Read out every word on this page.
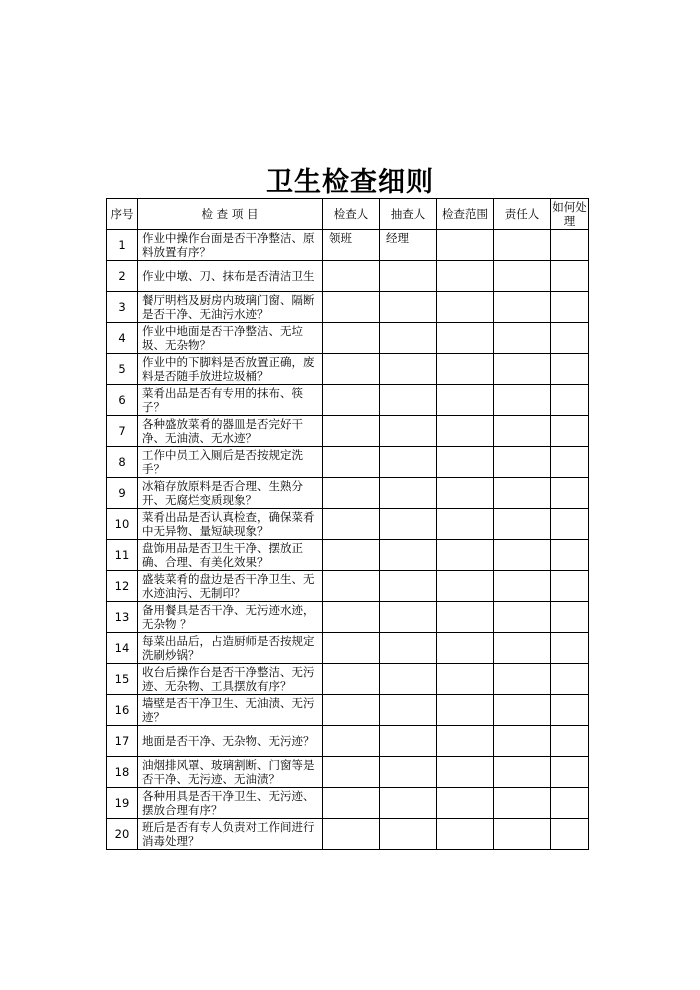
卫生检查细则
序号	检 查 项 目	检查人	抽查人	检查范围	责任人	如何处理
1	作业中操作台面是否干净整洁、原料放置有序？	领班	经理			
2	作业中墩、刀、抹布是否清洁卫生					
3	餐厅明档及厨房内玻璃门窗、隔断是否干净、无油污水迹？					
4	作业中地面是否干净整洁、无垃圾、无杂物？					
5	作业中的下脚料是否放置正确，废料是否随手放进垃圾桶？					
6	菜肴出品是否有专用的抹布、筷子？					
7	各种盛放菜肴的器皿是否完好干净、无油渍、无水迹？					
8	工作中员工入厕后是否按规定洗手？					
9	冰箱存放原料是否合理、生熟分开、无腐烂变质现象？					
10	菜肴出品是否认真检查，确保菜肴中无异物、量短缺现象？					
11	盘饰用品是否卫生干净、摆放正确、合理、有美化效果？					
12	盛装菜肴的盘边是否干净卫生、无水迹油污、无制印？					
13	备用餐具是否干净、无污迹水迹，无杂物 ？					
14	每菜出品后，占造厨师是否按规定洗刷炒锅？					
15	收台后操作台是否干净整洁、无污迹、无杂物、工具摆放有序？					
16	墙壁是否干净卫生、无油渍、无污迹？					
17	地面是否干净、无杂物、无污迹？					
18	油烟排风罩、玻璃割断、门窗等是否干净、无污迹、无油渍？					
19	各种用具是否干净卫生、无污迹、摆放合理有序？					
20	班后是否有专人负责对工作间进行消毒处理？					
